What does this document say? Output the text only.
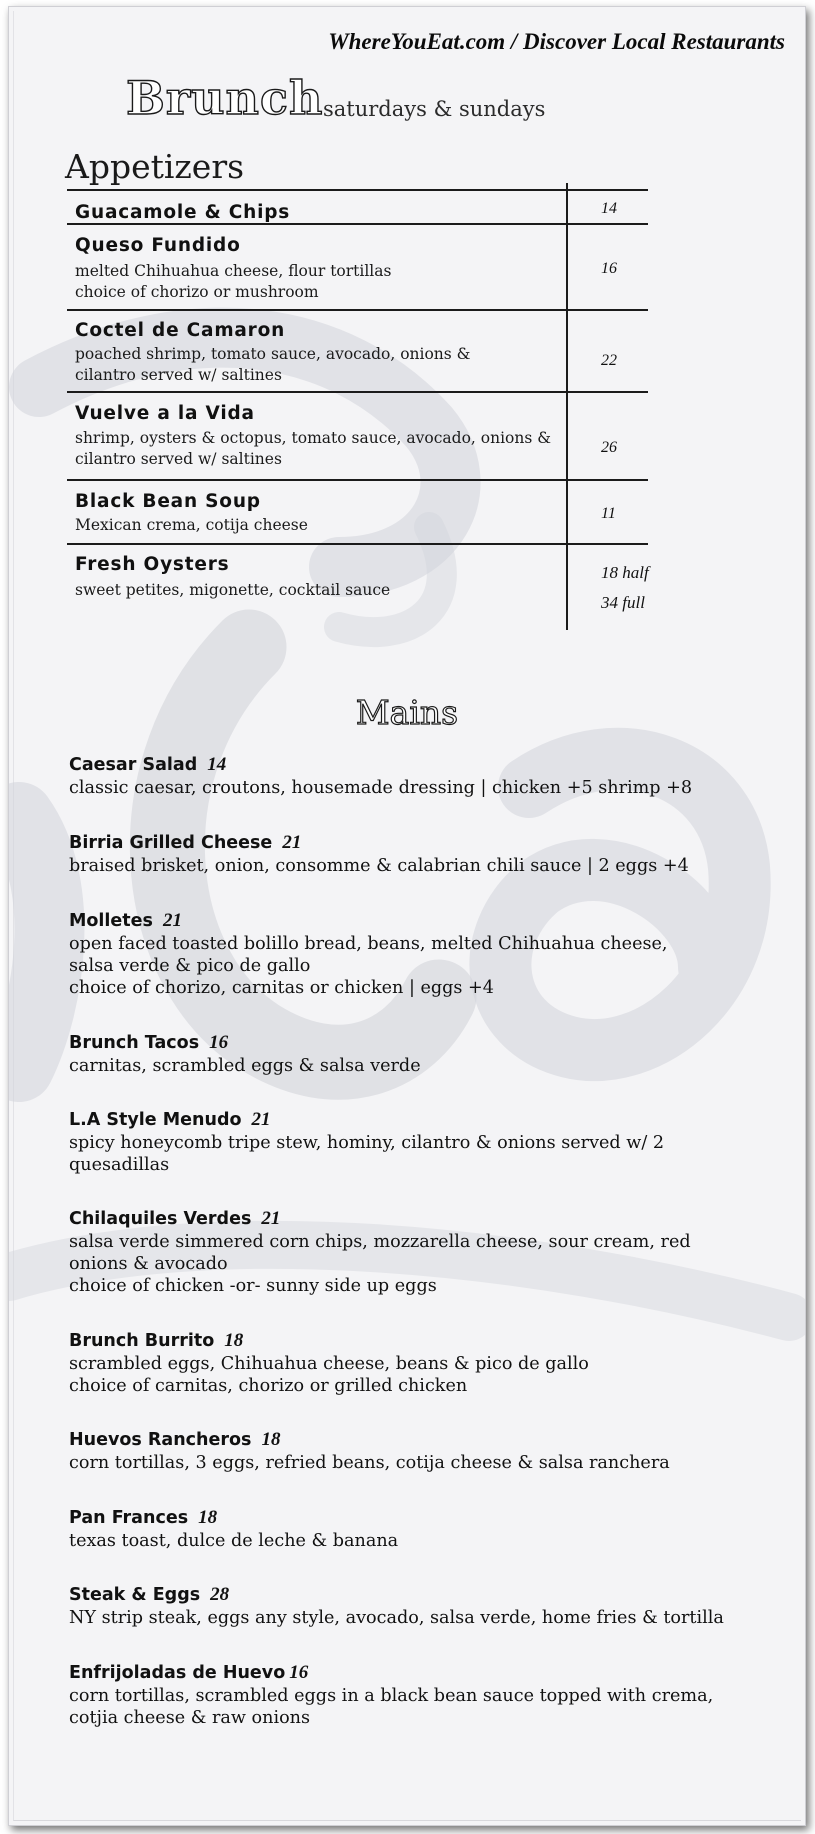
WhereYouEat.com / Discover Local Restaurants
Brunch saturdays & sundays
Appetizers
Guacamole & Chips	14
Queso Fundido
melted Chihuahua cheese, flour tortillas
choice of chorizo or mushroom
16
Coctel de Camaron
poached shrimp, tomato sauce, avocado, onions &
cilantro served w/ saltines
22
Vuelve a la Vida
shrimp, oysters & octopus, tomato sauce, avocado, onions &
cilantro served w/ saltines
26
Black Bean Soup
Mexican crema, cotija cheese
11
Fresh Oysters
sweet petites, migonette, cocktail sauce
18 half
34 full
Mains
Caesar Salad 14
classic caesar, croutons, housemade dressing | chicken +5 shrimp +8
Birria Grilled Cheese 21
braised brisket, onion, consomme & calabrian chili sauce | 2 eggs +4
Molletes 21
open faced toasted bolillo bread, beans, melted Chihuahua cheese,
salsa verde & pico de gallo
choice of chorizo, carnitas or chicken | eggs +4
Brunch Tacos 16
carnitas, scrambled eggs & salsa verde
L.A Style Menudo 21
spicy honeycomb tripe stew, hominy, cilantro & onions served w/ 2
quesadillas
Chilaquiles Verdes 21
salsa verde simmered corn chips, mozzarella cheese, sour cream, red
onions & avocado
choice of chicken -or- sunny side up eggs
Brunch Burrito 18
scrambled eggs, Chihuahua cheese, beans & pico de gallo
choice of carnitas, chorizo or grilled chicken
Huevos Rancheros 18
corn tortillas, 3 eggs, refried beans, cotija cheese & salsa ranchera
Pan Frances 18
texas toast, dulce de leche & banana
Steak & Eggs 28
NY strip steak, eggs any style, avocado, salsa verde, home fries & tortilla
Enfrijoladas de Huevo 16
corn tortillas, scrambled eggs in a black bean sauce topped with crema,
cotjia cheese & raw onions
